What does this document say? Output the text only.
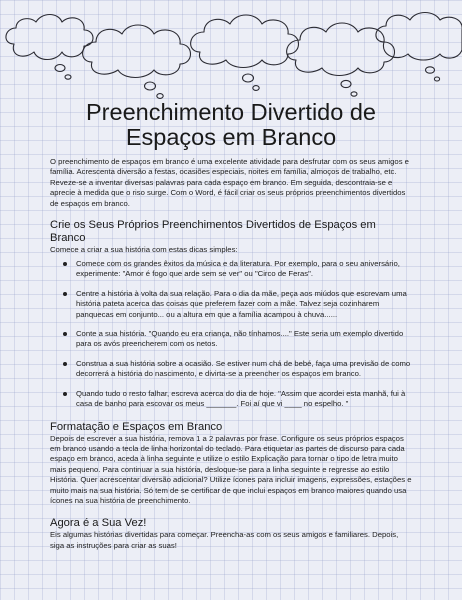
Preenchimento Divertido de
Espaços em Branco

O preenchimento de espaços em branco é uma excelente atividade para desfrutar com os seus amigos e família. Acrescenta diversão a festas, ocasiões especiais, noites em família, almoços de trabalho, etc. Reveze-se a inventar diversas palavras para cada espaço em branco. Em seguida, descontraia-se e aprecie à medida que o riso surge. Com o Word, é fácil criar os seus próprios preenchimentos divertidos de espaços em branco.

Crie os Seus Próprios Preenchimentos Divertidos de Espaços em Branco

Comece a criar a sua história com estas dicas simples:

Comece com os grandes êxitos da música e da literatura. Por exemplo, para o seu aniversário, experimente: "Amor é fogo que arde sem se ver" ou "Circo de Feras".
Centre a história à volta da sua relação. Para o dia da mãe, peça aos miúdos que escrevam uma história pateta acerca das coisas que preferem fazer com a mãe. Talvez seja cozinharem panquecas em conjunto... ou a altura em que a família acampou à chuva......
Conte a sua história. "Quando eu era criança, não tínhamos...." Este seria um exemplo divertido para os avós preencherem com os netos.
Construa a sua história sobre a ocasião. Se estiver num chá de bebé, faça uma previsão de como decorrerá a história do nascimento, e divirta-se a preencher os espaços em branco.
Quando tudo o resto falhar, escreva acerca do dia de hoje. "Assim que acordei esta manhã, fui à casa de banho para escovar os meus _______. Foi aí que vi ____ no espelho. "
Formatação e Espaços em Branco

Depois de escrever a sua história, remova 1 a 2 palavras por frase. Configure os seus próprios espaços em branco usando a tecla de linha horizontal do teclado. Para etiquetar as partes de discurso para cada espaço em branco, aceda à linha seguinte e utilize o estilo Explicação para tornar o tipo de letra muito mais pequeno. Para continuar a sua história, desloque-se para a linha seguinte e regresse ao estilo História. Quer acrescentar diversão adicional? Utilize ícones para incluir imagens, expressões, estações e muito mais na sua história. Só tem de se certificar de que inclui espaços em branco maiores quando usa ícones na sua história de preenchimento.

Agora é a Sua Vez!

Eis algumas histórias divertidas para começar. Preencha-as com os seus amigos e familiares. Depois, siga as instruções para criar as suas!
